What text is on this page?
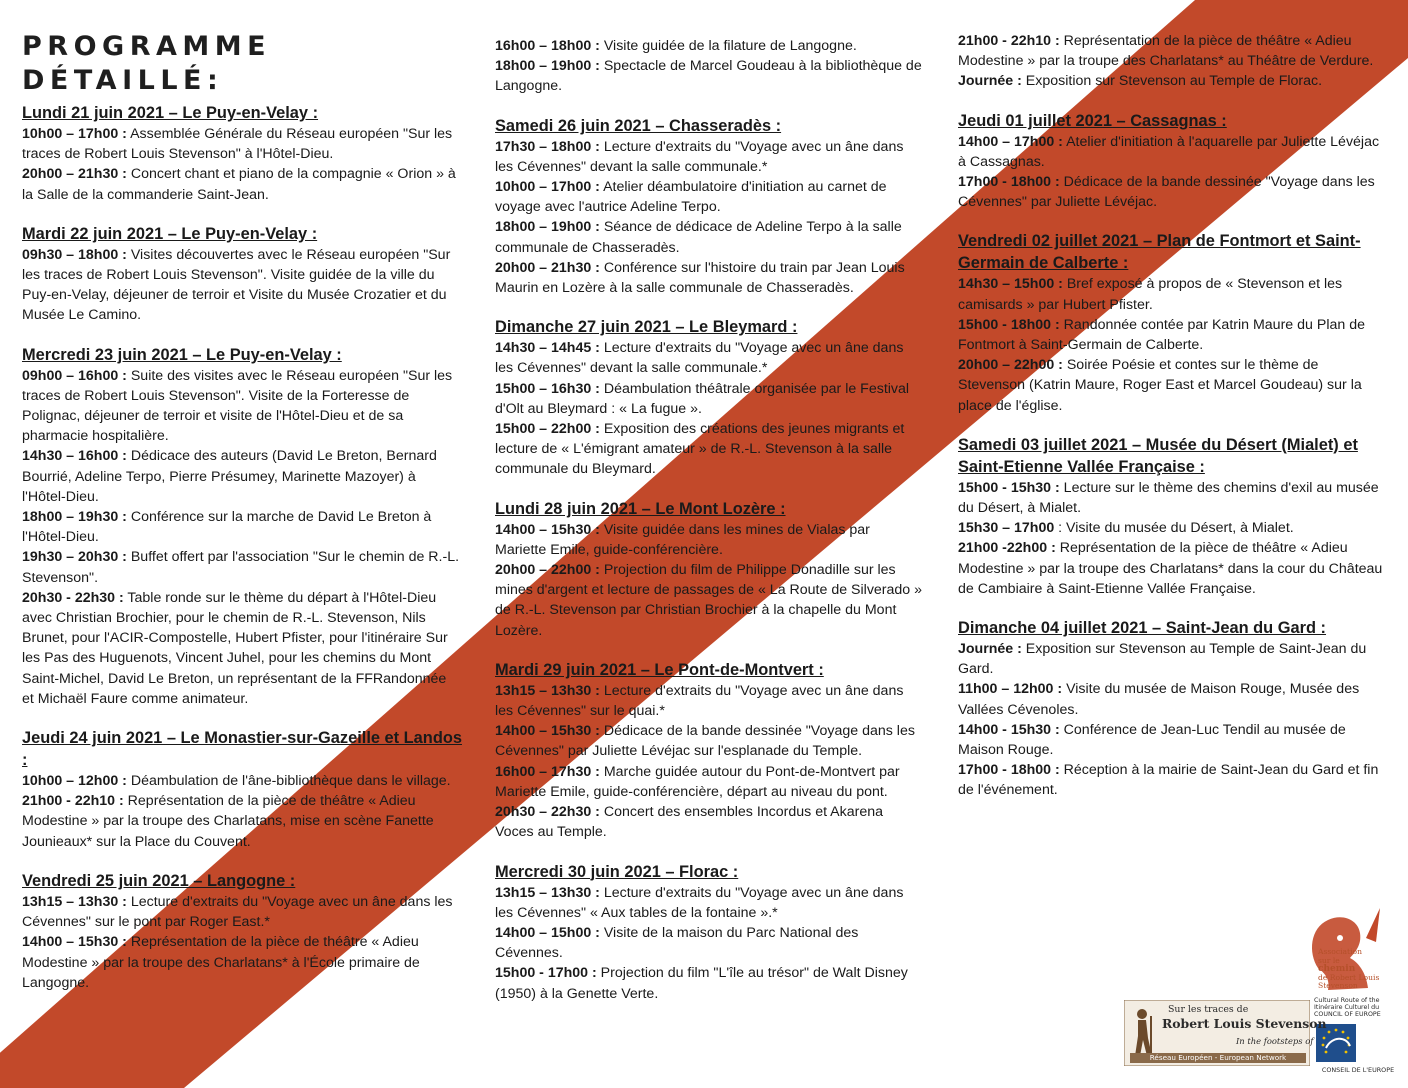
PROGRAMME DÉTAILLÉ:

Lundi 21 juin 2021 – Le Puy-en-Velay :

10h00 – 17h00 : Assemblée Générale du Réseau européen "Sur les traces de Robert Louis Stevenson" à l'Hôtel-Dieu.

20h00 – 21h30 : Concert chant et piano de la compagnie « Orion » à la Salle de la commanderie Saint-Jean.

Mardi 22 juin 2021 – Le Puy-en-Velay :

09h30 – 18h00 : Visites découvertes avec le Réseau européen "Sur les traces de Robert Louis Stevenson". Visite guidée de la ville du Puy-en-Velay, déjeuner de terroir et Visite du Musée Crozatier et du Musée Le Camino.

Mercredi 23 juin 2021 – Le Puy-en-Velay :

09h00 – 16h00 : Suite des visites avec le Réseau européen "Sur les traces de Robert Louis Stevenson". Visite de la Forteresse de Polignac, déjeuner de terroir et visite de l'Hôtel-Dieu et de sa pharmacie hospitalière.

14h30 – 16h00 : Dédicace des auteurs (David Le Breton, Bernard Bourrié, Adeline Terpo, Pierre Présumey, Marinette Mazoyer) à l'Hôtel-Dieu.

18h00 – 19h30 : Conférence sur la marche de David Le Breton à l'Hôtel-Dieu.

19h30 – 20h30 : Buffet offert par l'association "Sur le chemin de R.-L. Stevenson".

20h30 - 22h30 : Table ronde sur le thème du départ à l'Hôtel-Dieu avec Christian Brochier, pour le chemin de R.-L. Stevenson, Nils Brunet, pour l'ACIR-Compostelle, Hubert Pfister, pour l'itinéraire Sur les Pas des Huguenots, Vincent Juhel, pour les chemins du Mont Saint-Michel, David Le Breton, un représentant de la FFRandonnée et Michaël Faure comme animateur.

Jeudi 24 juin 2021 – Le Monastier-sur-Gazeille et Landos :

10h00 – 12h00 : Déambulation de l'âne-bibliothèque dans le village.

21h00 - 22h10 : Représentation de la pièce de théâtre « Adieu Modestine » par la troupe des Charlatans, mise en scène Fanette Jounieaux* sur la Place du Couvent.

Vendredi 25 juin 2021 – Langogne :

13h15 – 13h30 : Lecture d'extraits du "Voyage avec un âne dans les Cévennes" sur le pont par Roger East.*

14h00 – 15h30 : Représentation de la pièce de théâtre « Adieu Modestine » par la troupe des Charlatans* à l'École primaire de Langogne.

16h00 – 18h00 : Visite guidée de la filature de Langogne.

18h00 – 19h00 : Spectacle de Marcel Goudeau à la bibliothèque de Langogne.

Samedi 26 juin 2021 – Chasseradès :

17h30 – 18h00 : Lecture d'extraits du "Voyage avec un âne dans les Cévennes" devant la salle communale.*

10h00 – 17h00 : Atelier déambulatoire d'initiation au carnet de voyage avec l'autrice Adeline Terpo.

18h00 – 19h00 : Séance de dédicace de Adeline Terpo à la salle communale de Chasseradès.

20h00 – 21h30 : Conférence sur l'histoire du train par Jean Louis Maurin en Lozère à la salle communale de Chasseradès.

Dimanche 27 juin 2021 – Le Bleymard :

14h30 – 14h45 : Lecture d'extraits du "Voyage avec un âne dans les Cévennes" devant la salle communale.*

15h00 – 16h30 : Déambulation théâtrale organisée par le Festival d'Olt au Bleymard : « La fugue ».

15h00 – 22h00 : Exposition des créations des jeunes migrants et lecture de « L'émigrant amateur » de R.-L. Stevenson à la salle communale du Bleymard.

Lundi 28 juin 2021 – Le Mont Lozère :

14h00 – 15h30 : Visite guidée dans les mines de Vialas par Mariette Emile, guide-conférencière.

20h00 – 22h00 : Projection du film de Philippe Donadille sur les mines d'argent et lecture de passages de « La Route de Silverado » de R.-L. Stevenson par Christian Brochier à la chapelle du Mont Lozère.

Mardi 29 juin 2021 – Le Pont-de-Montvert :

13h15 – 13h30 : Lecture d'extraits du "Voyage avec un âne dans les Cévennes" sur le quai.*

14h00 – 15h30 : Dédicace de la bande dessinée "Voyage dans les Cévennes" par Juliette Lévéjac sur l'esplanade du Temple.

16h00 – 17h30 : Marche guidée autour du Pont-de-Montvert par Mariette Emile, guide-conférencière, départ au niveau du pont.

20h30 – 22h30 : Concert des ensembles Incordus et Akarena Voces au Temple.

Mercredi 30 juin 2021 – Florac :

13h15 – 13h30 : Lecture d'extraits du "Voyage avec un âne dans les Cévennes" « Aux tables de la fontaine ».*

14h00 – 15h00 : Visite de la maison du Parc National des Cévennes.

15h00 - 17h00 : Projection du film "L'île au trésor" de Walt Disney (1950) à la Genette Verte.

21h00 - 22h10 : Représentation de la pièce de théâtre « Adieu Modestine » par la troupe des Charlatans* au Théâtre de Verdure.

Journée : Exposition sur Stevenson au Temple de Florac.

Jeudi 01 juillet 2021 – Cassagnas :

14h00 – 17h00 : Atelier d'initiation à l'aquarelle par Juliette Lévéjac à Cassagnas.

17h00 - 18h00 : Dédicace de la bande dessinée "Voyage dans les Cévennes" par Juliette Lévéjac.

Vendredi 02 juillet 2021 – Plan de Fontmort et Saint-Germain de Calberte :

14h30 – 15h00 : Bref exposé à propos de « Stevenson et les camisards » par Hubert Pfister.

15h00 - 18h00 : Randonnée contée par Katrin Maure du Plan de Fontmort à Saint-Germain de Calberte.

20h00 – 22h00 : Soirée Poésie et contes sur le thème de Stevenson (Katrin Maure, Roger East et Marcel Goudeau) sur la place de l'église.

Samedi 03 juillet 2021 – Musée du Désert (Mialet) et Saint-Etienne Vallée Française :

15h00 - 15h30 : Lecture sur le thème des chemins d'exil au musée du Désert, à Mialet.

15h30 – 17h00 : Visite du musée du Désert, à Mialet.

21h00 -22h00 : Représentation de la pièce de théâtre « Adieu Modestine » par la troupe des Charlatans* dans la cour du Château de Cambiaire à Saint-Etienne Vallée Française.

Dimanche 04 juillet 2021 – Saint-Jean du Gard :

Journée : Exposition sur Stevenson au Temple de Saint-Jean du Gard.

11h00 – 12h00 : Visite du musée de Maison Rouge, Musée des Vallées Cévenoles.

14h00 - 15h30 : Conférence de Jean-Luc Tendil au musée de Maison Rouge.

17h00 - 18h00 : Réception à la mairie de Saint-Jean du Gard et fin de l'événement.

Association
sur le
chemin
de Robert Louis
Stevenson
Sur les traces de
Robert Louis Stevenson
In the footsteps of
Réseau Européen - European Network
Cultural Route of the Itinéraire Culturel du COUNCIL OF EUROPE
CONSEIL DE L'EUROPE
